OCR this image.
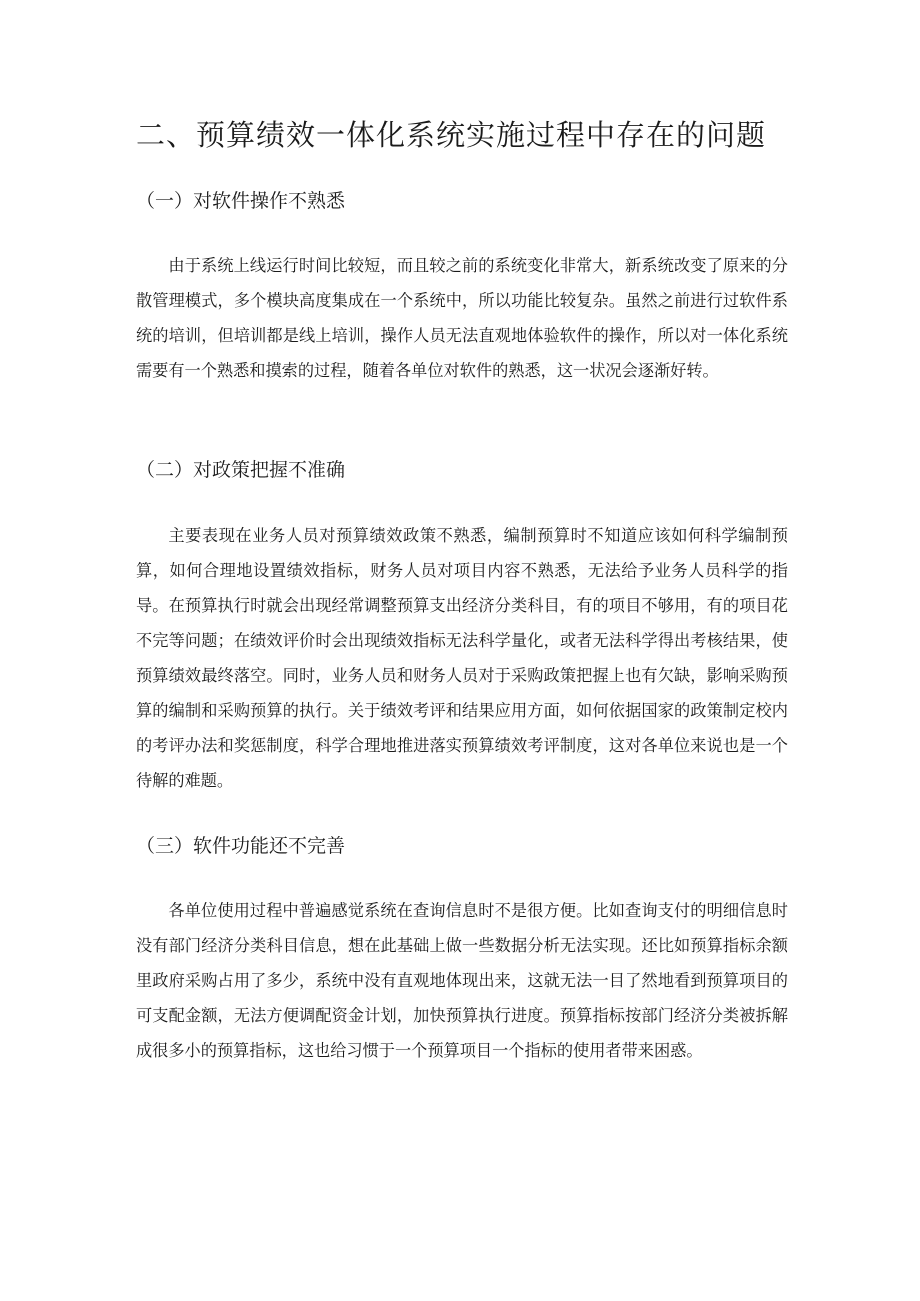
二、预算绩效一体化系统实施过程中存在的问题
（一）对软件操作不熟悉

由于系统上线运行时间比较短，而且较之前的系统变化非常大，新系统改变了原来的分散管理模式，多个模块高度集成在一个系统中，所以功能比较复杂。虽然之前进行过软件系统的培训，但培训都是线上培训，操作人员无法直观地体验软件的操作，所以对一体化系统需要有一个熟悉和摸索的过程，随着各单位对软件的熟悉，这一状况会逐渐好转。

（二）对政策把握不准确

主要表现在业务人员对预算绩效政策不熟悉，编制预算时不知道应该如何科学编制预算，如何合理地设置绩效指标，财务人员对项目内容不熟悉，无法给予业务人员科学的指导。在预算执行时就会出现经常调整预算支出经济分类科目，有的项目不够用，有的项目花不完等问题；在绩效评价时会出现绩效指标无法科学量化，或者无法科学得出考核结果，使预算绩效最终落空。同时，业务人员和财务人员对于采购政策把握上也有欠缺，影响采购预算的编制和采购预算的执行。关于绩效考评和结果应用方面，如何依据国家的政策制定校内的考评办法和奖惩制度，科学合理地推进落实预算绩效考评制度，这对各单位来说也是一个待解的难题。

（三）软件功能还不完善

各单位使用过程中普遍感觉系统在查询信息时不是很方便。比如查询支付的明细信息时没有部门经济分类科目信息，想在此基础上做一些数据分析无法实现。还比如预算指标余额里政府采购占用了多少，系统中没有直观地体现出来，这就无法一目了然地看到预算项目的可支配金额，无法方便调配资金计划，加快预算执行进度。预算指标按部门经济分类被拆解成很多小的预算指标，这也给习惯于一个预算项目一个指标的使用者带来困惑。
